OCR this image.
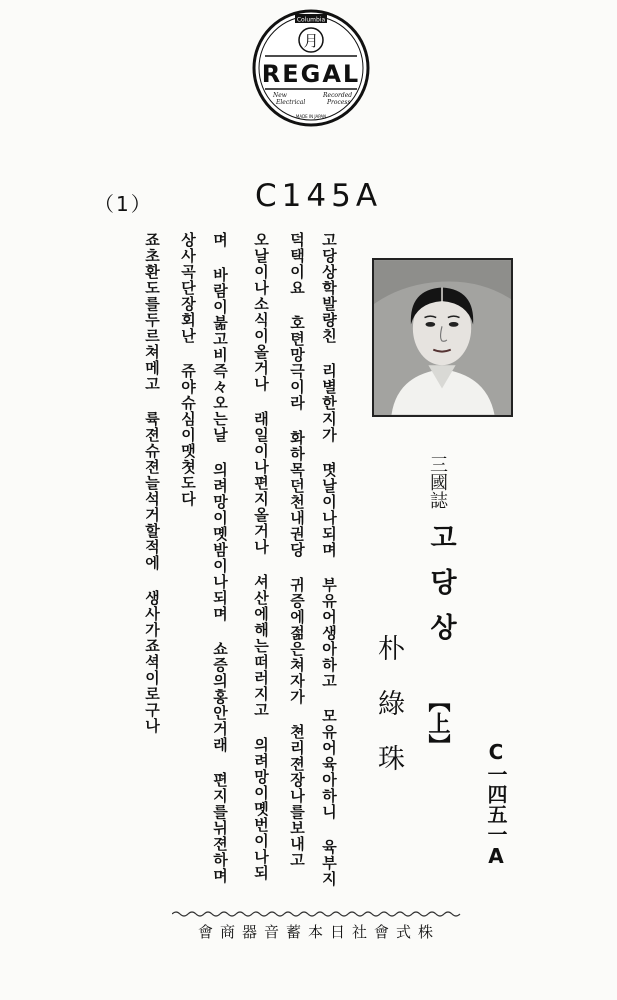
Columbia
月
REGAL
New
Electrical
Recorded
Process
MADE IN JAPAN
（1）	C145A
고당상학발량친 리별한지가 몃날이나되며 부유어생아하고 모유어육아하니 육부지
덕택이요 호텬망극이라 화하목던천내권당 귀증에젊은쳐자가 쳔리젼장나를보내고
오날이나소식이올거나 래일이나편지올거나 셔산에해는떠러지고 의려망이몟번이나되
며 바람이붊고비즉々오는날 의려망이몟밤이나되며 쇼증의홍안거래 편지를뉘젼하며
상사곡단장회난 쥬야슈심이맷쳣도다
죠초환도를두르쳐메고 륙젼슈젼늘석거할적에 생사가죠셕이로구나	三國誌
고당상
【上】
朴綠珠
C一四五一A
株式會社日本蓄音器商會
